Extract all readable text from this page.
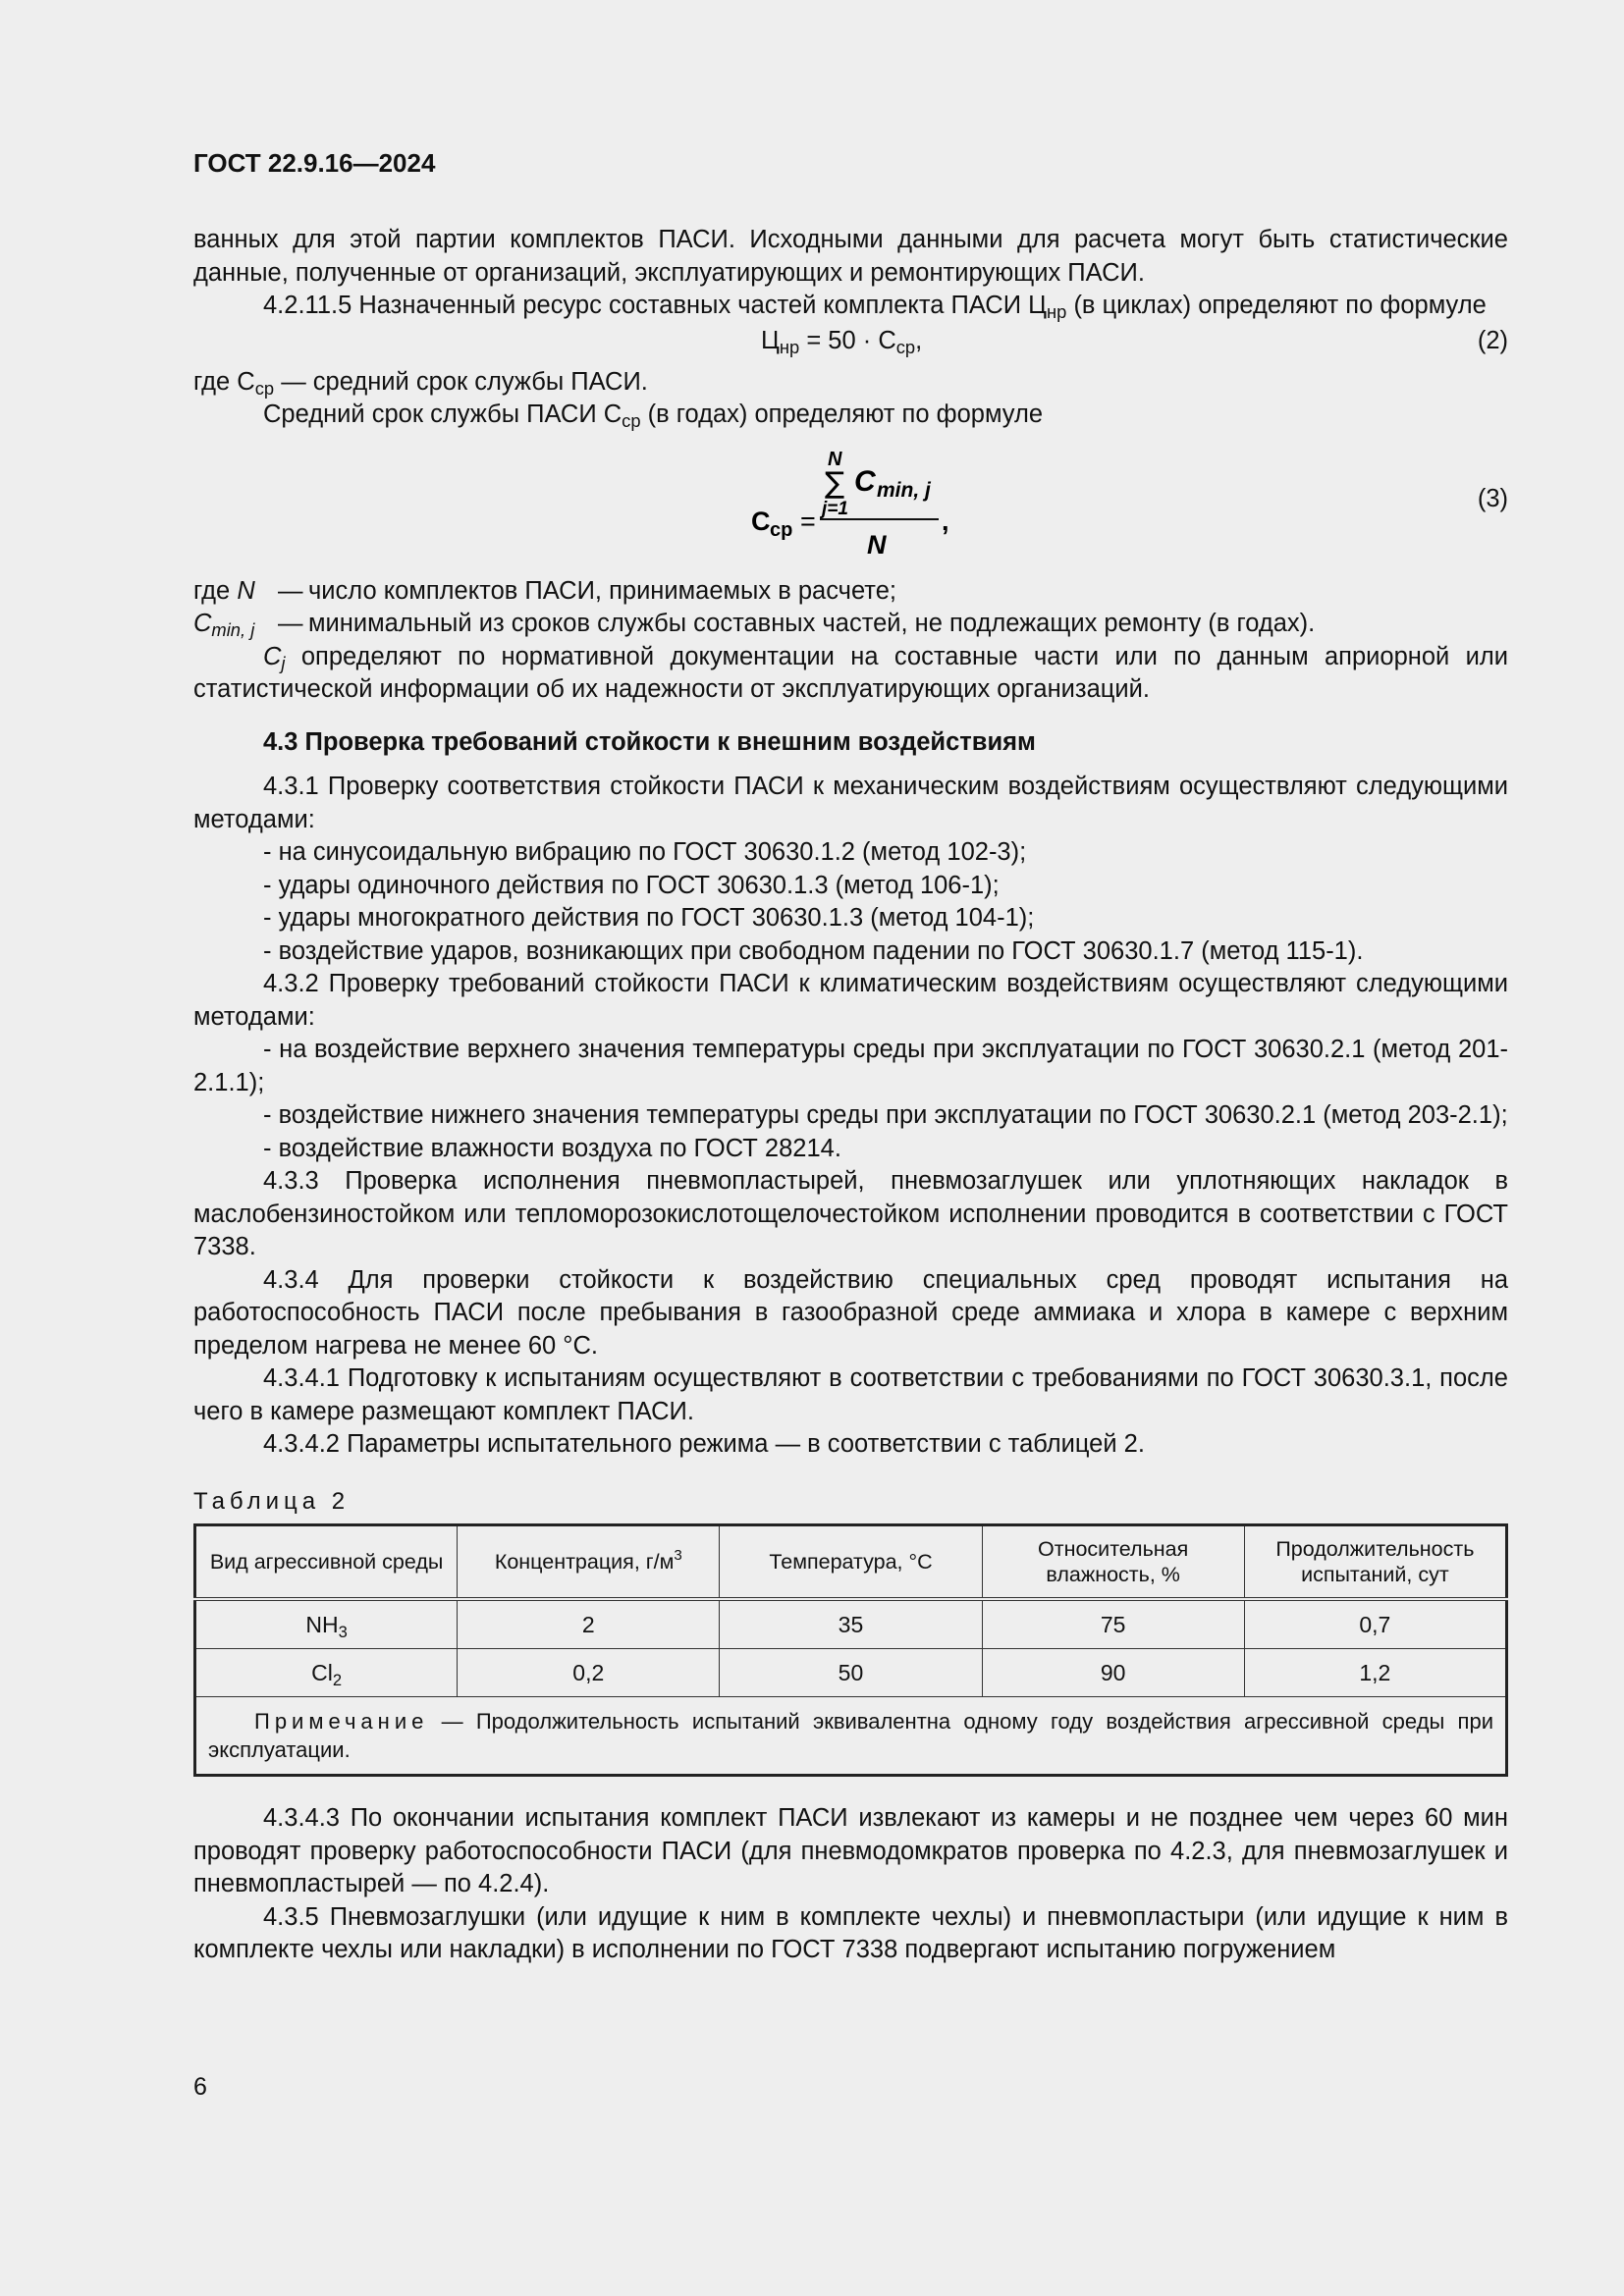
ГОСТ 22.9.16—2024

ванных для этой партии комплектов ПАСИ. Исходными данными для расчета могут быть статистические данные, полученные от организаций, эксплуатирующих и ремонтирующих ПАСИ.

4.2.11.5 Назначенный ресурс составных частей комплекта ПАСИ $Ц_{нр}$ (в циклах) определяют по формуле

$Ц_{нр} = 50 \cdot С_{ср}$,	(2)

где $С_{ср}$ — средний срок службы ПАСИ.

Средний срок службы ПАСИ $С_{ср}$ (в годах) определяют по формуле

N
∑
j=1
C min, j
N
C ср =	,
(3)
где N — число комплектов ПАСИ, принимаемых в расчете;
$C_{min, j}$ — минимальный из сроков службы составных частей, не подлежащих ремонту (в годах).

$C_j$ определяют по нормативной документации на составные части или по данным априорной или статистической информации об их надежности от эксплуатирующих организаций.

4.3 Проверка требований стойкости к внешним воздействиям

4.3.1 Проверку соответствия стойкости ПАСИ к механическим воздействиям осуществляют следующими методами:

- на синусоидальную вибрацию по ГОСТ 30630.1.2 (метод 102-3);

- удары одиночного действия по ГОСТ 30630.1.3 (метод 106-1);

- удары многократного действия по ГОСТ 30630.1.3 (метод 104-1);

- воздействие ударов, возникающих при свободном падении по ГОСТ 30630.1.7 (метод 115-1).

4.3.2 Проверку требований стойкости ПАСИ к климатическим воздействиям осуществляют следующими методами:

- на воздействие верхнего значения температуры среды при эксплуатации по ГОСТ 30630.2.1 (метод 201-2.1.1);

- воздействие нижнего значения температуры среды при эксплуатации по ГОСТ 30630.2.1 (метод 203-2.1);

- воздействие влажности воздуха по ГОСТ 28214.

4.3.3 Проверка исполнения пневмопластырей, пневмозаглушек или уплотняющих накладок в маслобензиностойком или тепломорозокислотощелочестойком исполнении проводится в соответствии с ГОСТ 7338.

4.3.4 Для проверки стойкости к воздействию специальных сред проводят испытания на работоспособность ПАСИ после пребывания в газообразной среде аммиака и хлора в камере с верхним пределом нагрева не менее 60 °С.

4.3.4.1 Подготовку к испытаниям осуществляют в соответствии с требованиями по ГОСТ 30630.3.1, после чего в камере размещают комплект ПАСИ.

4.3.4.2 Параметры испытательного режима — в соответствии с таблицей 2.

Таблица 2
Вид агрессивной среды	Концентрация, $г/м^3$	Температура, °С	Относительная влажность, %	Продолжительность испытаний, сут
$NH_3$	2	35	75	0,7
$Cl_2$	0,2	50	90	1,2
Примечание — Продолжительность испытаний эквивалентна одному году воздействия агрессивной среды при эксплуатации.				

4.3.4.3 По окончании испытания комплект ПАСИ извлекают из камеры и не позднее чем через 60 мин проводят проверку работоспособности ПАСИ (для пневмодомкратов проверка по 4.2.3, для пневмозаглушек и пневмопластырей — по 4.2.4).

4.3.5 Пневмозаглушки (или идущие к ним в комплекте чехлы) и пневмопластыри (или идущие к ним в комплекте чехлы или накладки) в исполнении по ГОСТ 7338 подвергают испытанию погружением

6
